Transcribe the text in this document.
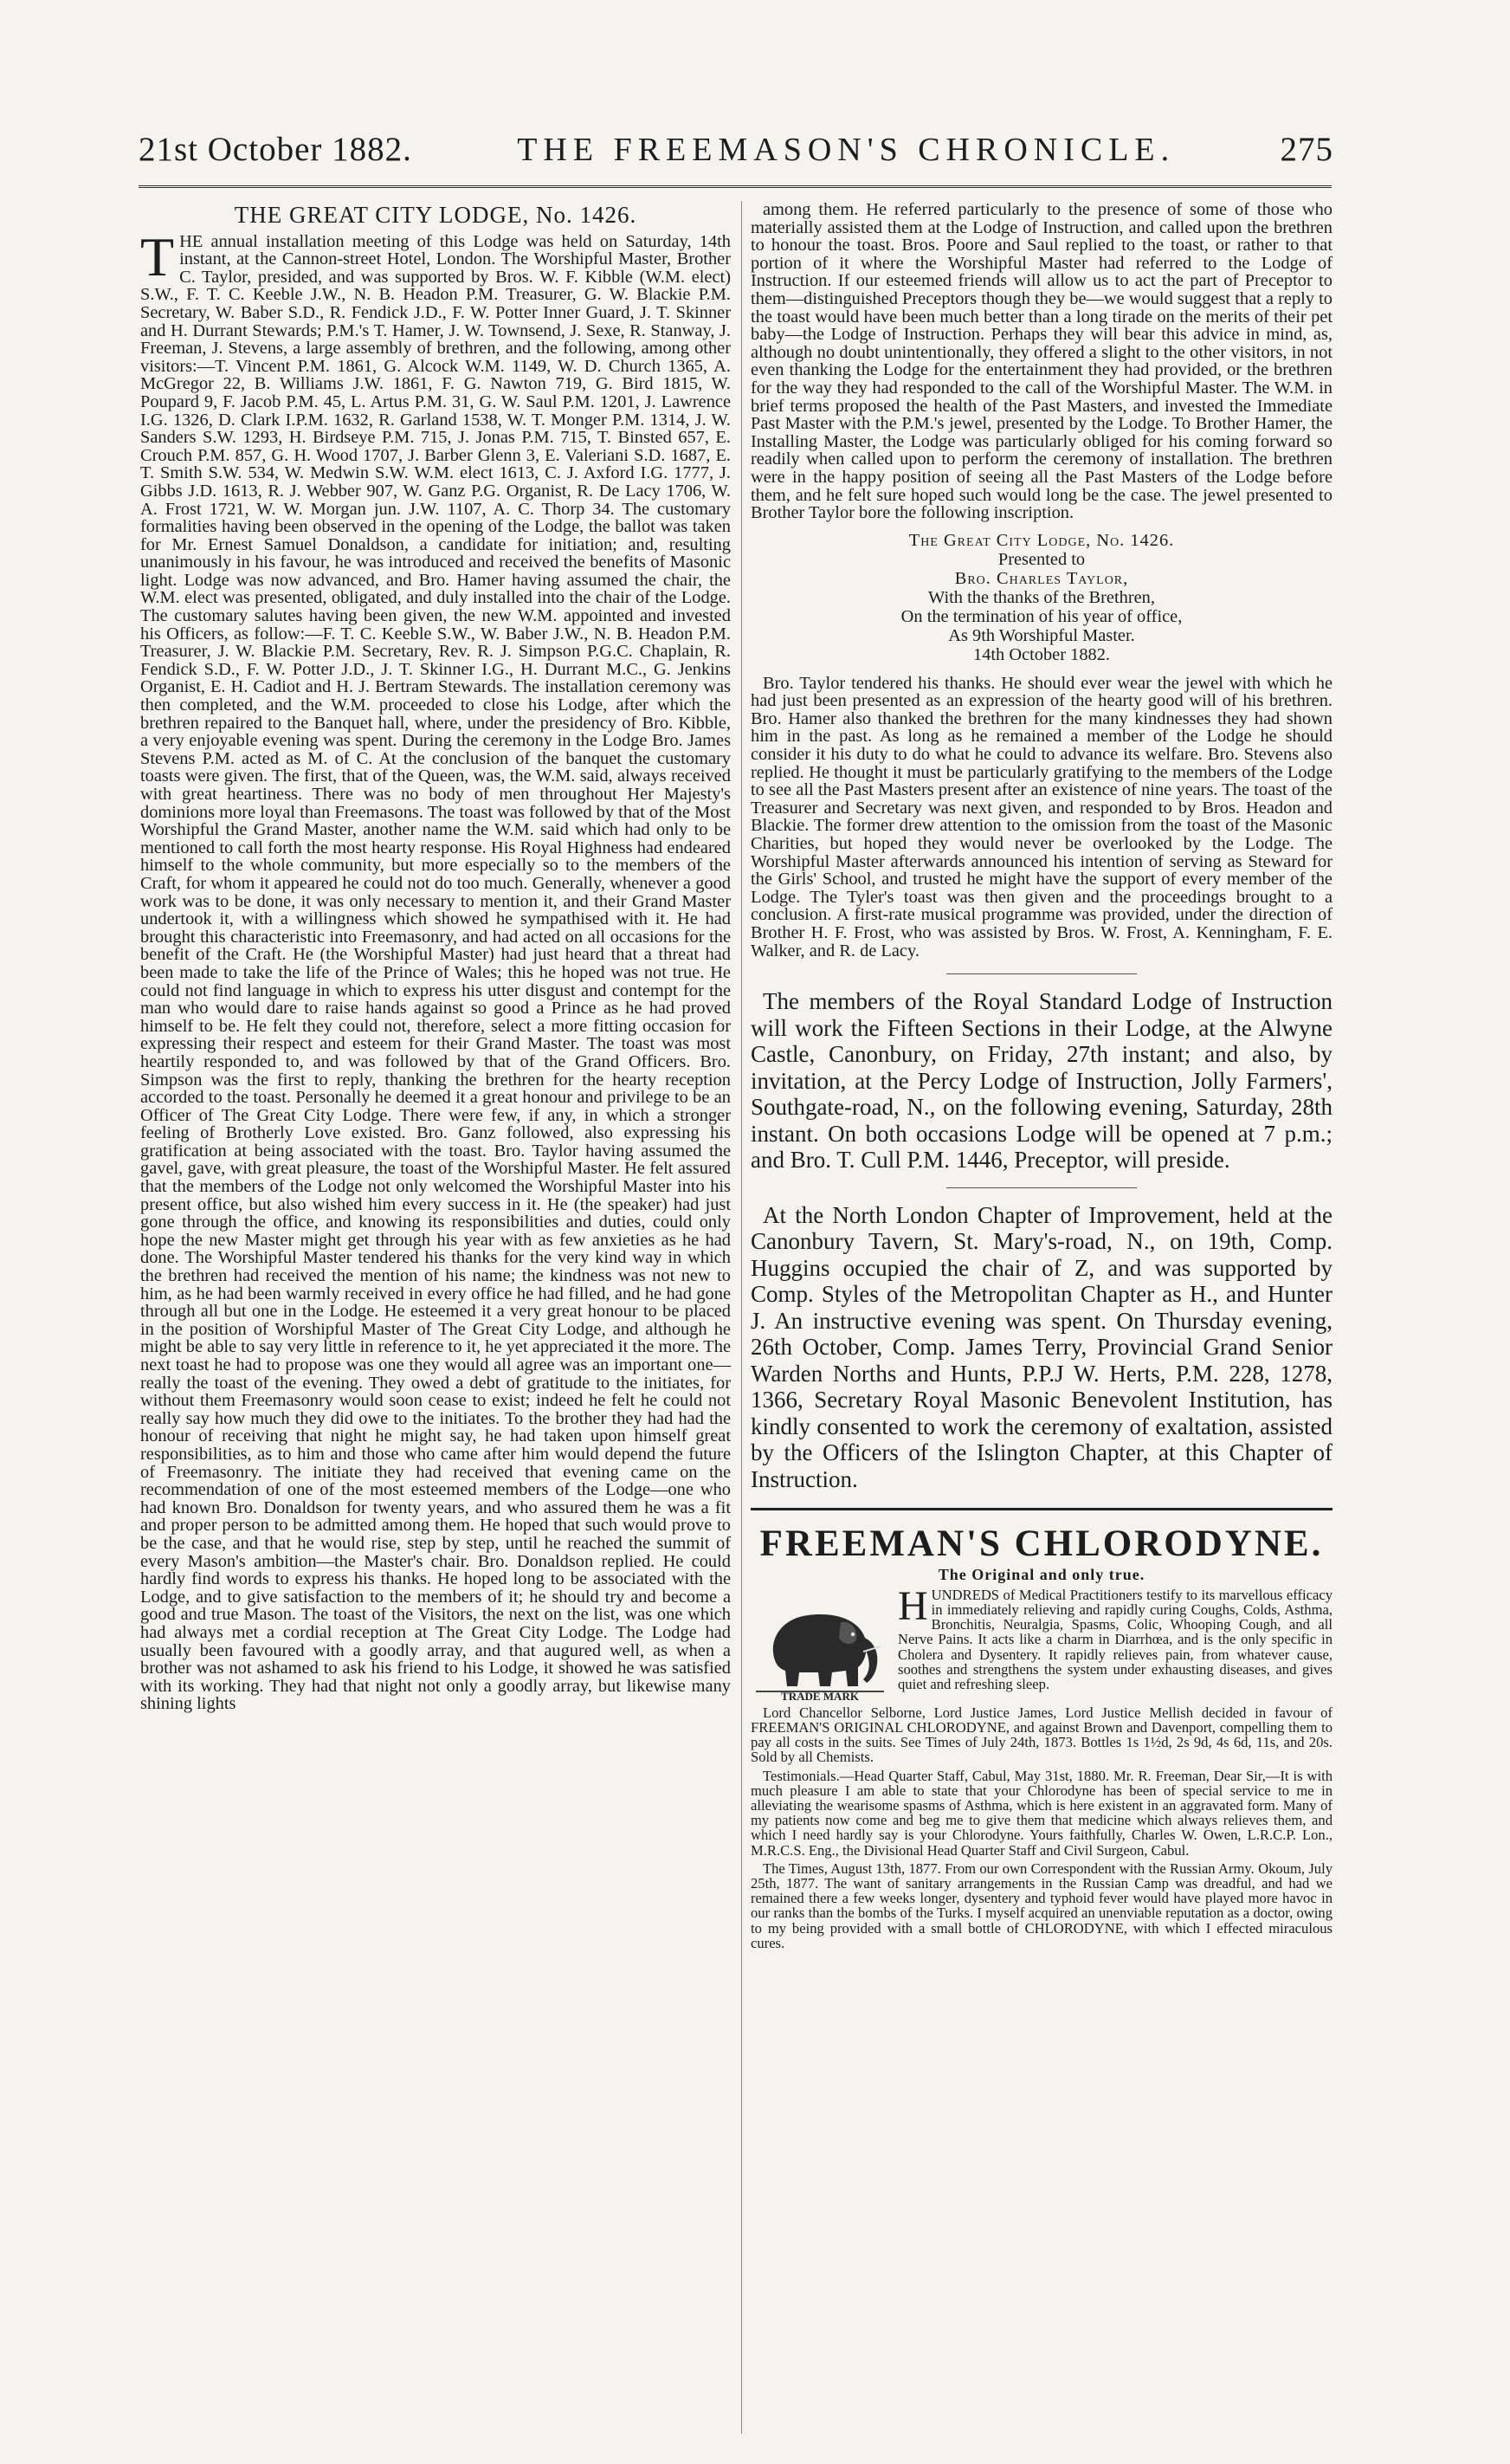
21st October 1882.	THE FREEMASON'S CHRONICLE.	275
THE GREAT CITY LODGE, No. 1426.

THE annual installation meeting of this Lodge was held on Saturday, 14th instant, at the Cannon-street Hotel, London. The Worshipful Master, Brother C. Taylor, presided, and was supported by Bros. W. F. Kibble (W.M. elect) S.W., F. T. C. Keeble J.W., N. B. Headon P.M. Treasurer, G. W. Blackie P.M. Secretary, W. Baber S.D., R. Fendick J.D., F. W. Potter Inner Guard, J. T. Skinner and H. Durrant Stewards; P.M.'s T. Hamer, J. W. Townsend, J. Sexe, R. Stanway, J. Freeman, J. Stevens, a large assembly of brethren, and the following, among other visitors:—T. Vincent P.M. 1861, G. Alcock W.M. 1149, W. D. Church 1365, A. McGregor 22, B. Williams J.W. 1861, F. G. Nawton 719, G. Bird 1815, W. Poupard 9, F. Jacob P.M. 45, L. Artus P.M. 31, G. W. Saul P.M. 1201, J. Lawrence I.G. 1326, D. Clark I.P.M. 1632, R. Garland 1538, W. T. Monger P.M. 1314, J. W. Sanders S.W. 1293, H. Birdseye P.M. 715, J. Jonas P.M. 715, T. Binsted 657, E. Crouch P.M. 857, G. H. Wood 1707, J. Barber Glenn 3, E. Valeriani S.D. 1687, E. T. Smith S.W. 534, W. Medwin S.W. W.M. elect 1613, C. J. Axford I.G. 1777, J. Gibbs J.D. 1613, R. J. Webber 907, W. Ganz P.G. Organist, R. De Lacy 1706, W. A. Frost 1721, W. W. Morgan jun. J.W. 1107, A. C. Thorp 34. The customary formalities having been observed in the opening of the Lodge, the ballot was taken for Mr. Ernest Samuel Donaldson, a candidate for initiation; and, resulting unanimously in his favour, he was introduced and received the benefits of Masonic light. Lodge was now advanced, and Bro. Hamer having assumed the chair, the W.M. elect was presented, obligated, and duly installed into the chair of the Lodge. The customary salutes having been given, the new W.M. appointed and invested his Officers, as follow:—F. T. C. Keeble S.W., W. Baber J.W., N. B. Headon P.M. Treasurer, J. W. Blackie P.M. Secretary, Rev. R. J. Simpson P.G.C. Chaplain, R. Fendick S.D., F. W. Potter J.D., J. T. Skinner I.G., H. Durrant M.C., G. Jenkins Organist, E. H. Cadiot and H. J. Bertram Stewards. The installation ceremony was then completed, and the W.M. proceeded to close his Lodge, after which the brethren repaired to the Banquet hall, where, under the presidency of Bro. Kibble, a very enjoyable evening was spent. During the ceremony in the Lodge Bro. James Stevens P.M. acted as M. of C. At the conclusion of the banquet the customary toasts were given. The first, that of the Queen, was, the W.M. said, always received with great heartiness. There was no body of men throughout Her Majesty's dominions more loyal than Freemasons. The toast was followed by that of the Most Worshipful the Grand Master, another name the W.M. said which had only to be mentioned to call forth the most hearty response. His Royal Highness had endeared himself to the whole community, but more especially so to the members of the Craft, for whom it appeared he could not do too much. Generally, whenever a good work was to be done, it was only necessary to mention it, and their Grand Master undertook it, with a willingness which showed he sympathised with it. He had brought this characteristic into Freemasonry, and had acted on all occasions for the benefit of the Craft. He (the Worshipful Master) had just heard that a threat had been made to take the life of the Prince of Wales; this he hoped was not true. He could not find language in which to express his utter disgust and contempt for the man who would dare to raise hands against so good a Prince as he had proved himself to be. He felt they could not, therefore, select a more fitting occasion for expressing their respect and esteem for their Grand Master. The toast was most heartily responded to, and was followed by that of the Grand Officers. Bro. Simpson was the first to reply, thanking the brethren for the hearty reception accorded to the toast. Personally he deemed it a great honour and privilege to be an Officer of The Great City Lodge. There were few, if any, in which a stronger feeling of Brotherly Love existed. Bro. Ganz followed, also expressing his gratification at being associated with the toast. Bro. Taylor having assumed the gavel, gave, with great pleasure, the toast of the Worshipful Master. He felt assured that the members of the Lodge not only welcomed the Worshipful Master into his present office, but also wished him every success in it. He (the speaker) had just gone through the office, and knowing its responsibilities and duties, could only hope the new Master might get through his year with as few anxieties as he had done. The Worshipful Master tendered his thanks for the very kind way in which the brethren had received the mention of his name; the kindness was not new to him, as he had been warmly received in every office he had filled, and he had gone through all but one in the Lodge. He esteemed it a very great honour to be placed in the position of Worshipful Master of The Great City Lodge, and although he might be able to say very little in reference to it, he yet appreciated it the more. The next toast he had to propose was one they would all agree was an important one—really the toast of the evening. They owed a debt of gratitude to the initiates, for without them Freemasonry would soon cease to exist; indeed he felt he could not really say how much they did owe to the initiates. To the brother they had had the honour of receiving that night he might say, he had taken upon himself great responsibilities, as to him and those who came after him would depend the future of Freemasonry. The initiate they had received that evening came on the recommendation of one of the most esteemed members of the Lodge—one who had known Bro. Donaldson for twenty years, and who assured them he was a fit and proper person to be admitted among them. He hoped that such would prove to be the case, and that he would rise, step by step, until he reached the summit of every Mason's ambition—the Master's chair. Bro. Donaldson replied. He could hardly find words to express his thanks. He hoped long to be associated with the Lodge, and to give satisfaction to the members of it; he should try and become a good and true Mason. The toast of the Visitors, the next on the list, was one which had always met a cordial reception at The Great City Lodge. The Lodge had usually been favoured with a goodly array, and that augured well, as when a brother was not ashamed to ask his friend to his Lodge, it showed he was satisfied with its working. They had that night not only a goodly array, but likewise many shining lights

among them. He referred particularly to the presence of some of those who materially assisted them at the Lodge of Instruction, and called upon the brethren to honour the toast. Bros. Poore and Saul replied to the toast, or rather to that portion of it where the Worshipful Master had referred to the Lodge of Instruction. If our esteemed friends will allow us to act the part of Preceptor to them—distinguished Preceptors though they be—we would suggest that a reply to the toast would have been much better than a long tirade on the merits of their pet baby—the Lodge of Instruction. Perhaps they will bear this advice in mind, as, although no doubt unintentionally, they offered a slight to the other visitors, in not even thanking the Lodge for the entertainment they had provided, or the brethren for the way they had responded to the call of the Worshipful Master. The W.M. in brief terms proposed the health of the Past Masters, and invested the Immediate Past Master with the P.M.'s jewel, presented by the Lodge. To Brother Hamer, the Installing Master, the Lodge was particularly obliged for his coming forward so readily when called upon to perform the ceremony of installation. The brethren were in the happy position of seeing all the Past Masters of the Lodge before them, and he felt sure hoped such would long be the case. The jewel presented to Brother Taylor bore the following inscription.

The Great City Lodge, No. 1426.
Presented to
Bro. Charles Taylor,
With the thanks of the Brethren,
On the termination of his year of office,
As 9th Worshipful Master.
14th October 1882.

Bro. Taylor tendered his thanks. He should ever wear the jewel with which he had just been presented as an expression of the hearty good will of his brethren. Bro. Hamer also thanked the brethren for the many kindnesses they had shown him in the past. As long as he remained a member of the Lodge he should consider it his duty to do what he could to advance its welfare. Bro. Stevens also replied. He thought it must be particularly gratifying to the members of the Lodge to see all the Past Masters present after an existence of nine years. The toast of the Treasurer and Secretary was next given, and responded to by Bros. Headon and Blackie. The former drew attention to the omission from the toast of the Masonic Charities, but hoped they would never be overlooked by the Lodge. The Worshipful Master afterwards announced his intention of serving as Steward for the Girls' School, and trusted he might have the support of every member of the Lodge. The Tyler's toast was then given and the proceedings brought to a conclusion. A first-rate musical programme was provided, under the direction of Brother H. F. Frost, who was assisted by Bros. W. Frost, A. Kenningham, F. E. Walker, and R. de Lacy.

The members of the Royal Standard Lodge of Instruction will work the Fifteen Sections in their Lodge, at the Alwyne Castle, Canonbury, on Friday, 27th instant; and also, by invitation, at the Percy Lodge of Instruction, Jolly Farmers', Southgate-road, N., on the following evening, Saturday, 28th instant. On both occasions Lodge will be opened at 7 p.m.; and Bro. T. Cull P.M. 1446, Preceptor, will preside.

At the North London Chapter of Improvement, held at the Canonbury Tavern, St. Mary's-road, N., on 19th, Comp. Huggins occupied the chair of Z, and was supported by Comp. Styles of the Metropolitan Chapter as H., and Hunter J. An instructive evening was spent. On Thursday evening, 26th October, Comp. James Terry, Provincial Grand Senior Warden Norths and Hunts, P.P.J W. Herts, P.M. 228, 1278, 1366, Secretary Royal Masonic Benevolent Institution, has kindly consented to work the ceremony of exaltation, assisted by the Officers of the Islington Chapter, at this Chapter of Instruction.

FREEMAN'S CHLORODYNE.
The Original and only true.
TRADE MARK
H UNDREDS of Medical Practitioners testify to its marvellous efficacy in immediately relieving and rapidly curing Coughs, Colds, Asthma, Bronchitis, Neuralgia, Spasms, Colic, Whooping Cough, and all Nerve Pains. It acts like a charm in Diarrhœa, and is the only specific in Cholera and Dysentery. It rapidly relieves pain, from whatever cause, soothes and strengthens the system under exhausting diseases, and gives quiet and refreshing sleep.

Lord Chancellor Selborne, Lord Justice James, Lord Justice Mellish decided in favour of FREEMAN'S ORIGINAL CHLORODYNE, and against Brown and Davenport, compelling them to pay all costs in the suits. See Times of July 24th, 1873. Bottles 1s 1½d, 2s 9d, 4s 6d, 11s, and 20s. Sold by all Chemists.

Testimonials.—Head Quarter Staff, Cabul, May 31st, 1880. Mr. R. Freeman, Dear Sir,—It is with much pleasure I am able to state that your Chlorodyne has been of special service to me in alleviating the wearisome spasms of Asthma, which is here existent in an aggravated form. Many of my patients now come and beg me to give them that medicine which always relieves them, and which I need hardly say is your Chlorodyne. Yours faithfully, Charles W. Owen, L.R.C.P. Lon., M.R.C.S. Eng., the Divisional Head Quarter Staff and Civil Surgeon, Cabul.

The Times, August 13th, 1877. From our own Correspondent with the Russian Army. Okoum, July 25th, 1877. The want of sanitary arrangements in the Russian Camp was dreadful, and had we remained there a few weeks longer, dysentery and typhoid fever would have played more havoc in our ranks than the bombs of the Turks. I myself acquired an unenviable reputation as a doctor, owing to my being provided with a small bottle of CHLORODYNE, with which I effected miraculous cures.
